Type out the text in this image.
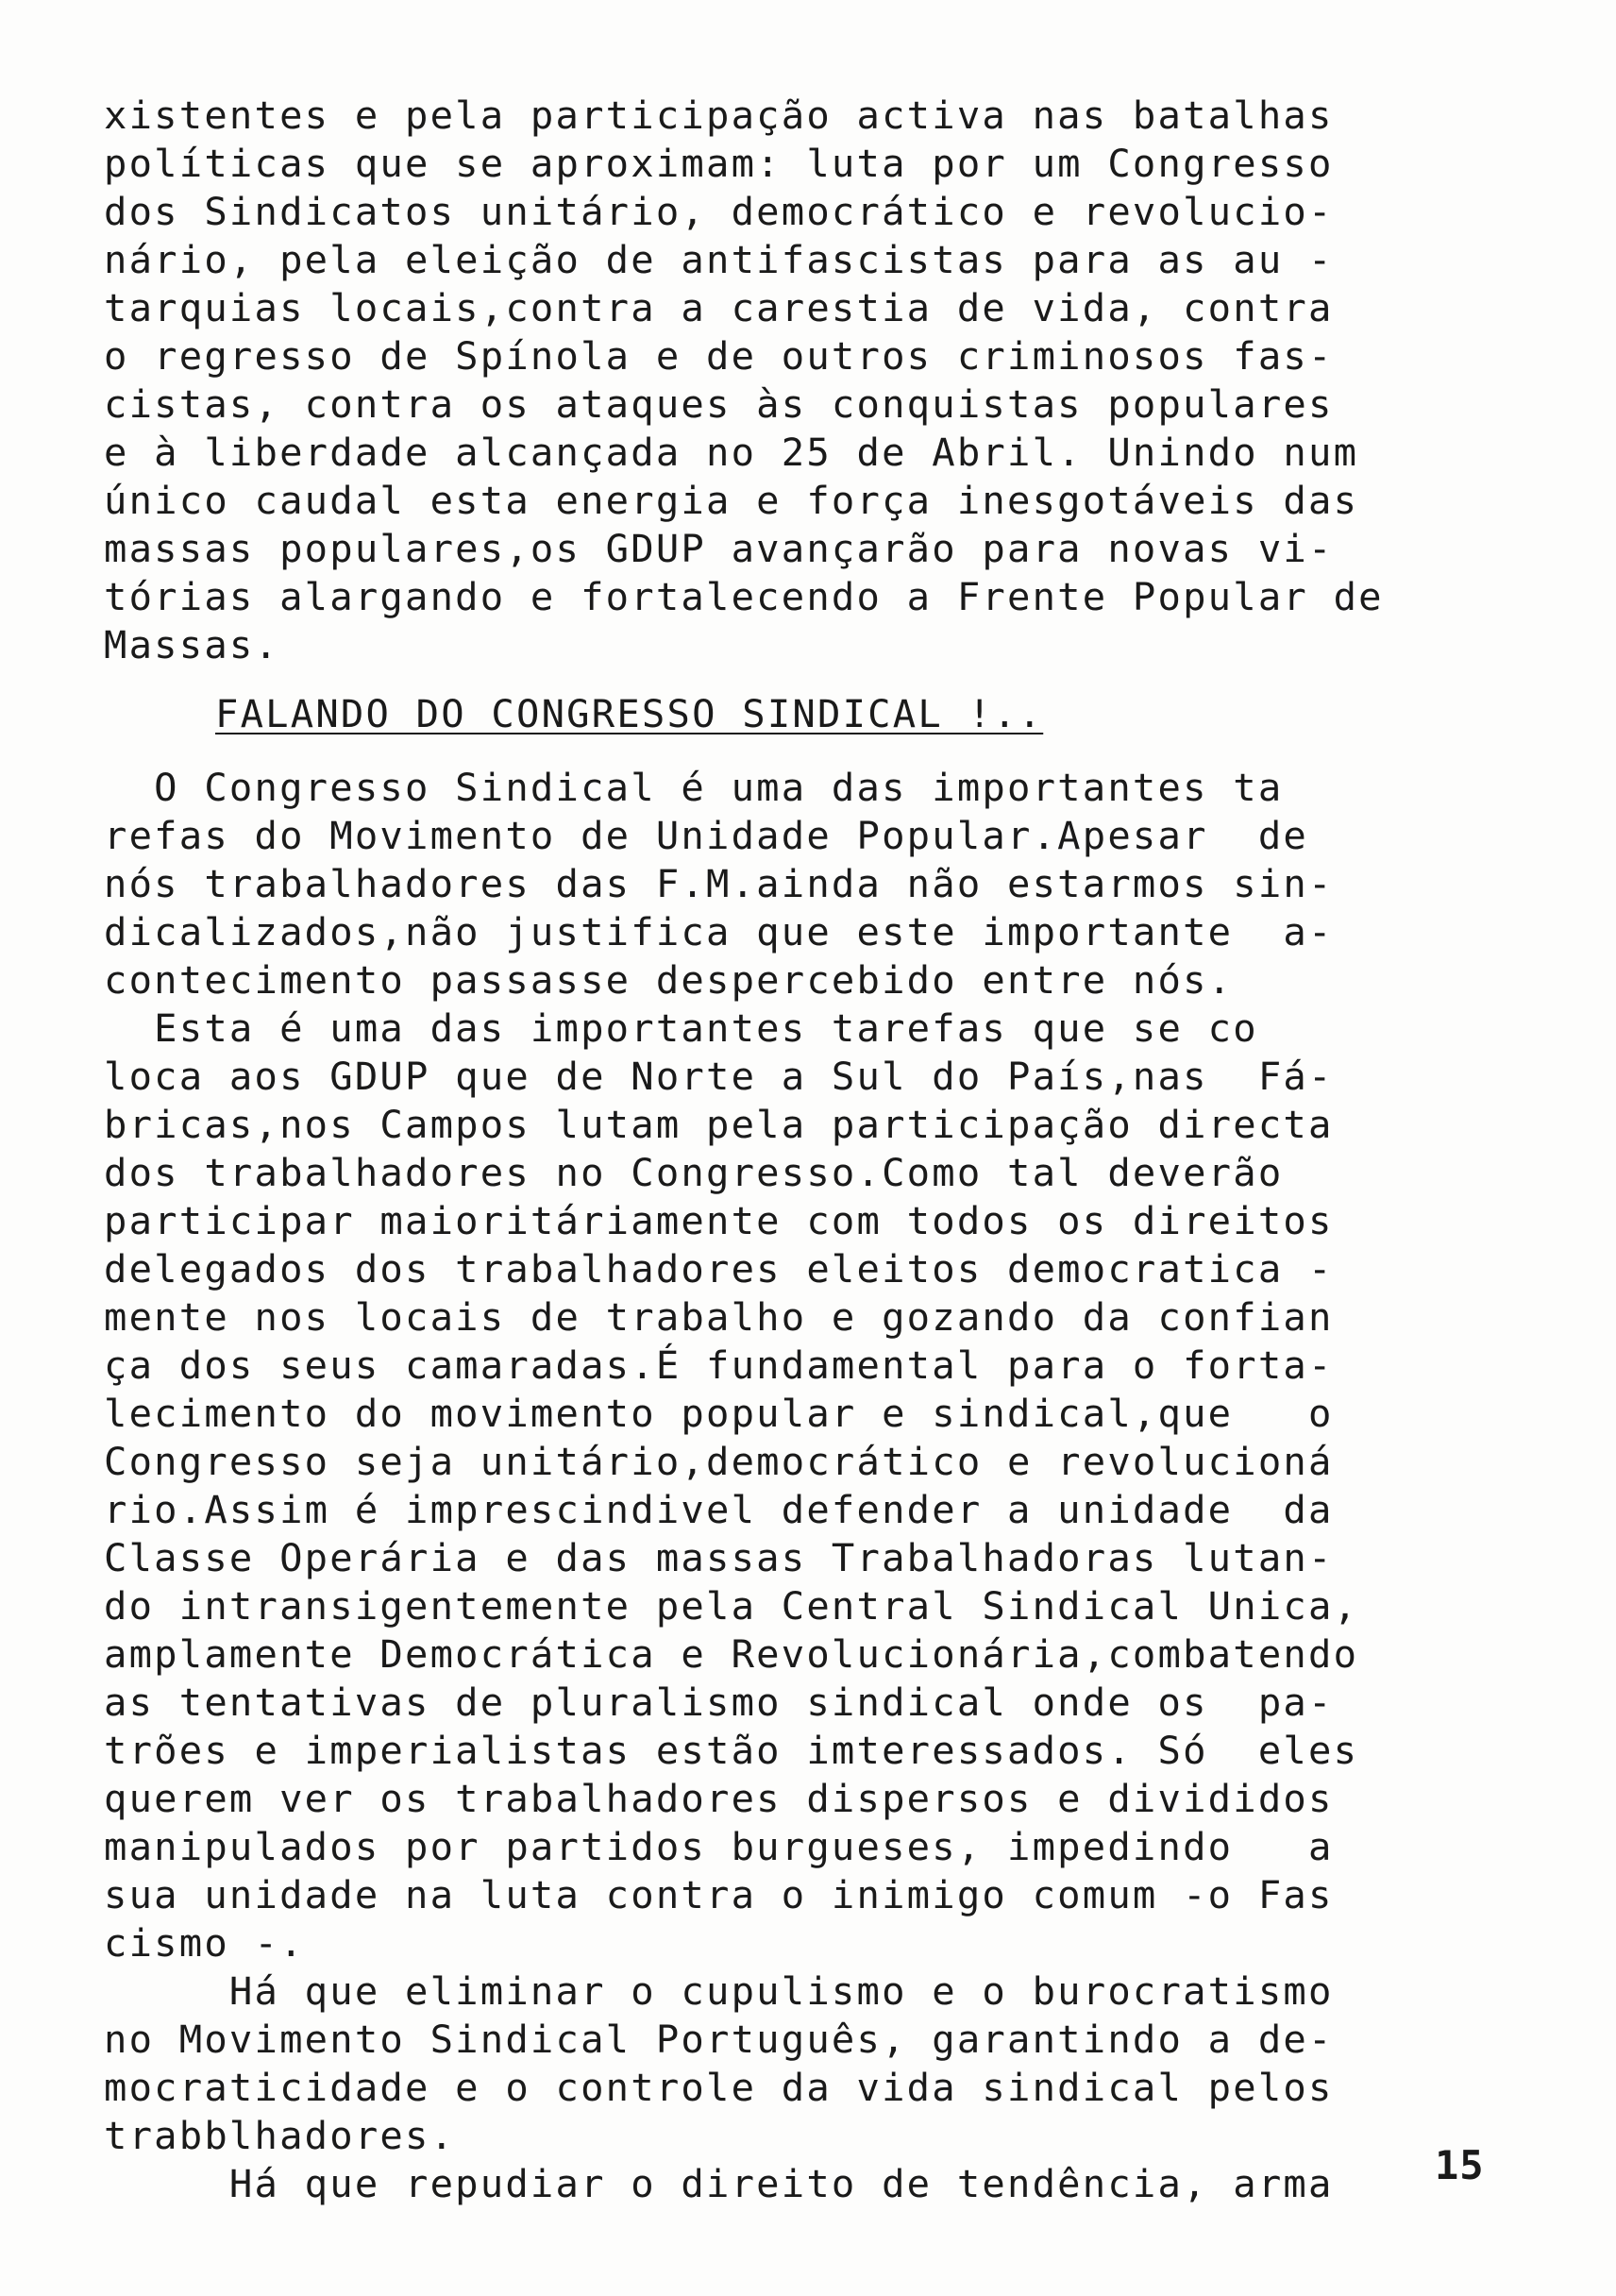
xistentes e pela participação activa nas batalhas
políticas que se aproximam: luta por um Congresso
dos Sindicatos unitário, democrático e revolucio-
nário, pela eleição de antifascistas para as au -
tarquias locais,contra a carestia de vida, contra
o regresso de Spínola e de outros criminosos fas-
cistas, contra os ataques às conquistas populares
e à liberdade alcançada no 25 de Abril. Unindo num
único caudal esta energia e força inesgotáveis das
massas populares,os GDUP avançarão para novas vi-
tórias alargando e fortalecendo a Frente Popular de
Massas.
FALANDO DO CONGRESSO SINDICAL !..
O Congresso Sindical é uma das importantes ta
refas do Movimento de Unidade Popular.Apesar  de
nós trabalhadores das F.M.ainda não estarmos sin-
dicalizados,não justifica que este importante  a-
contecimento passasse despercebido entre nós.
Esta é uma das importantes tarefas que se co
loca aos GDUP que de Norte a Sul do País,nas  Fá-
bricas,nos Campos lutam pela participação directa
dos trabalhadores no Congresso.Como tal deverão
participar maioritáriamente com todos os direitos
delegados dos trabalhadores eleitos democratica -
mente nos locais de trabalho e gozando da confian
ça dos seus camaradas.É fundamental para o forta-
lecimento do movimento popular e sindical,que   o
Congresso seja unitário,democrático e revolucioná
rio.Assim é imprescindivel defender a unidade  da
Classe Operária e das massas Trabalhadoras lutan-
do intransigentemente pela Central Sindical Unica,
amplamente Democrática e Revolucionária,combatendo
as tentativas de pluralismo sindical onde os  pa-
trões e imperialistas estão imteressados. Só  eles
querem ver os trabalhadores dispersos e divididos
manipulados por partidos burgueses, impedindo   a
sua unidade na luta contra o inimigo comum -o Fas
cismo -.
Há que eliminar o cupulismo e o burocratismo
no Movimento Sindical Português, garantindo a de-
mocraticidade e o controle da vida sindical pelos
trabblhadores.
Há que repudiar o direito de tendência, arma	15
